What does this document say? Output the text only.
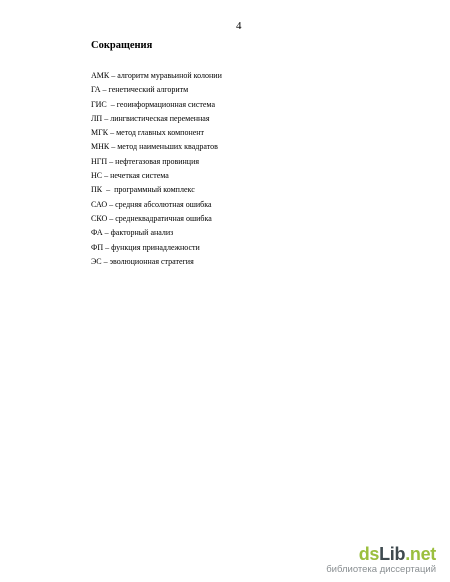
4
Сокращения
АМК – алгоритм муравьиной колонии
ГА – генетический алгоритм
ГИС  – геоинформационная система
ЛП – лингвистическая переменная
МГК – метод главных компонент
МНК – метод наименьших квадратов
НГП – нефтегазовая провинция
НС – нечеткая система
ПК  –  программный комплекс
САО – средняя абсолютная ошибка
СКО – среднеквадратичная ошибка
ФА – факторный анализ
ФП – функция принадлежности
ЭС – эволюционная стратегия
dsLib.net
библиотека диссертаций
